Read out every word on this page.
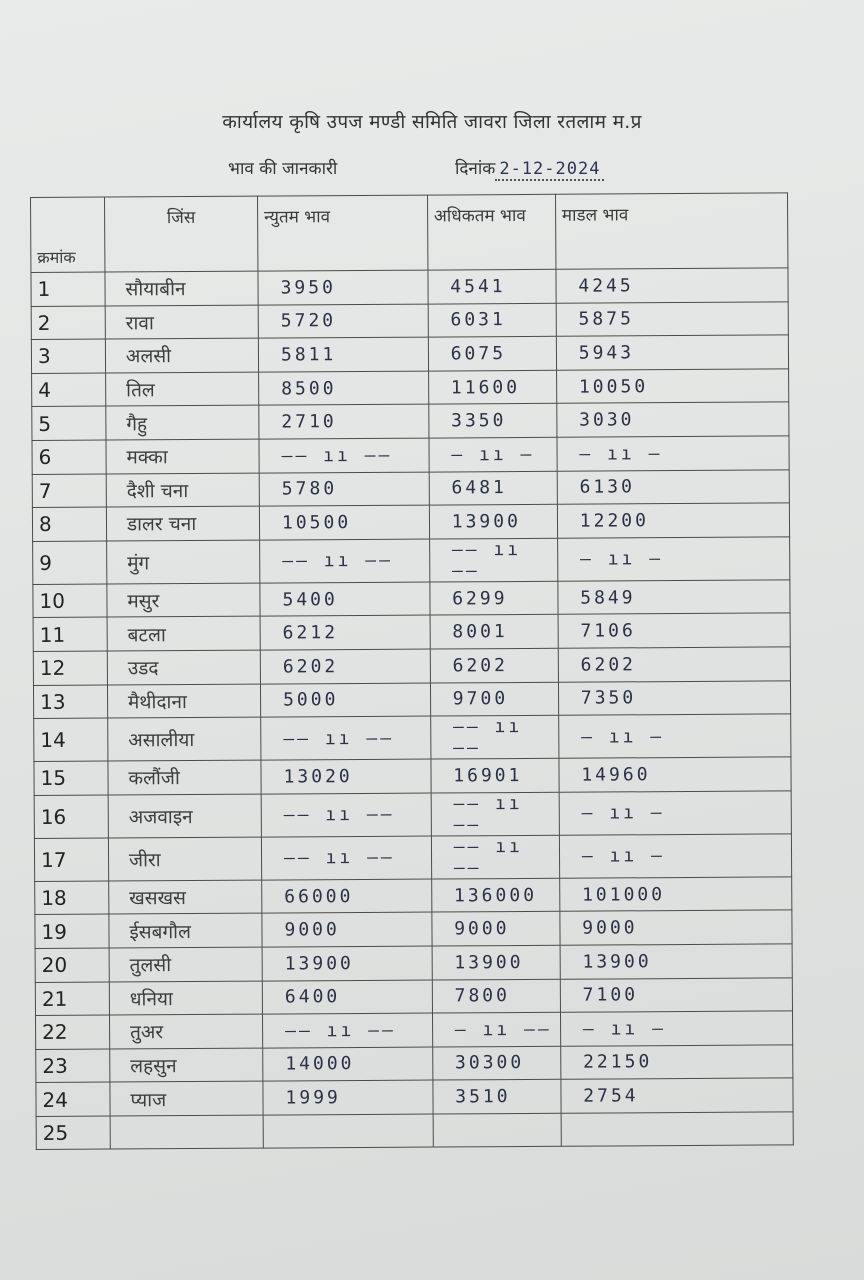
कार्यालय कृषि उपज मण्डी समिति जावरा जिला रतलाम म.प्र
भाव की जानकारी	दिनांक 2-12-2024
क्रमांक	जिंस	न्युतम भाव	अधिकतम भाव	माडल भाव
1	सौयाबीन	3950	4541	4245
2	रावा	5720	6031	5875
3	अलसी	5811	6075	5943
4	तिल	8500	11600	10050
5	गैहु	2710	3350	3030
6	मक्का	—— ıı ——	— ıı —	— ıı —
7	दैशी चना	5780	6481	6130
8	डालर चना	10500	13900	12200
9	मुंग	—— ıı ——	—— ıı ——	— ıı —
10	मसुर	5400	6299	5849
11	बटला	6212	8001	7106
12	उडद	6202	6202	6202
13	मैथीदाना	5000	9700	7350
14	असालीया	—— ıı ——	—— ıı ——	— ıı —
15	कलौंजी	13020	16901	14960
16	अजवाइन	—— ıı ——	—— ıı ——	— ıı —
17	जीरा	—— ıı ——	—— ıı ——	— ıı —
18	खसखस	66000	136000	101000
19	ईसबगौल	9000	9000	9000
20	तुलसी	13900	13900	13900
21	धनिया	6400	7800	7100
22	तुअर	—— ıı ——	— ıı ——	— ıı —
23	लहसुन	14000	30300	22150
24	प्याज	1999	3510	2754
25				
